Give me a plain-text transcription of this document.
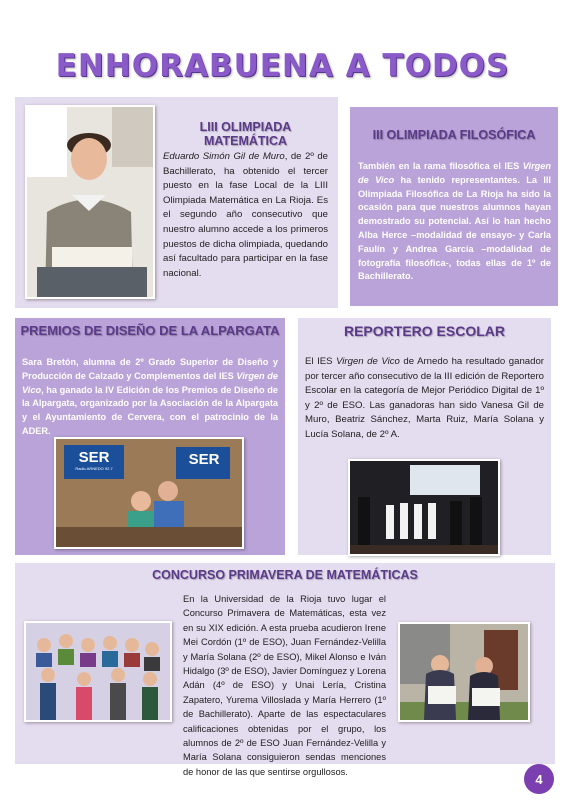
ENHORABUENA A TODOS
LIII OLIMPIADA MATEMÁTICA
Eduardo Simón Gil de Muro, de 2º de Bachillerato, ha obtenido el tercer puesto en la fase Local de la LIII Olimpiada Matemática en La Rioja. Es el segundo año consecutivo que nuestro alumno accede a los primeros puestos de dicha olimpiada, quedando así facultado para participar en la fase nacional.
III OLIMPIADA FILOSÓFICA
También en la rama filosófica el IES Virgen de Vico ha tenido representantes. La III Olimpiada Filosófica de La Rioja ha sido la ocasión para que nuestros alumnos hayan demostrado su potencial. Así lo han hecho Alba Herce –modalidad de ensayo- y Carla Faulín y Andrea García –modalidad de fotografía filosófica-, todas ellas de 1º de Bachillerato.
PREMIOS DE DISEÑO DE LA ALPARGATA
Sara Bretón, alumna de 2º Grado Superior de Diseño y Producción de Calzado y Complementos del IES Virgen de Vico, ha ganado la IV Edición de los Premios de Diseño de la Alpargata, organizado por la Asociación de la Alpargata y el Ayuntamiento de Cervera, con el patrocinio de la ADER.
SER
Radio ARNEDO 92.7
SER
REPORTERO ESCOLAR
El IES Virgen de Vico de Arnedo ha resultado ganador por tercer año consecutivo de la III edición de Reportero Escolar en la categoría de Mejor Periódico Digital de 1º y 2º de ESO. Las ganadoras han sido Vanesa Gil de Muro, Beatriz Sánchez, Marta Ruiz, María Solana y Lucía Solana, de 2º A.
CONCURSO PRIMAVERA DE MATEMÁTICAS
En la Universidad de la Rioja tuvo lugar el Concurso Primavera de Matemáticas, esta vez en su XIX edición. A esta prueba acudieron Irene Mei Cordón (1º de ESO), Juan Fernández-Velilla y María Solana (2º de ESO), Mikel Alonso e Iván Hidalgo (3º de ESO), Javier Domínguez y Lorena Adán (4º de ESO) y Unai Lería, Cristina Zapatero, Yurema Villoslada y María Herrero (1º de Bachillerato). Aparte de las espectaculares calificaciones obtenidas por el grupo, los alumnos de 2º de ESO Juan Fernández-Velilla y María Solana consiguieron sendas menciones de honor de las que sentirse orgullosos.	4
